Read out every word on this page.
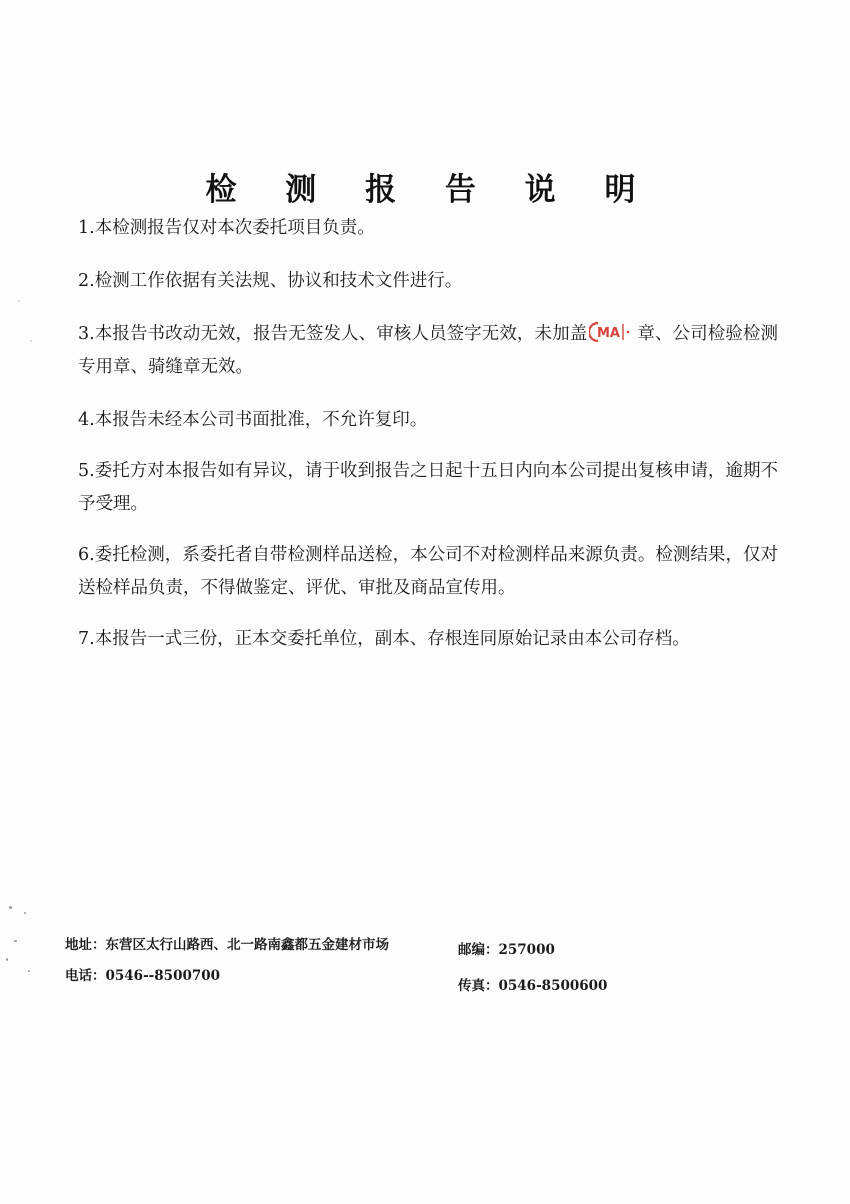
检 测 报 告 说 明
1.本检测报告仅对本次委托项目负责。
2.检测工作依据有关法规、协议和技术文件进行。
3.本报告书改动无效，报告无签发人、审核人员签字无效，未加盖 MA 章、公司检验检测专用章、骑缝章无效。
4.本报告未经本公司书面批准，不允许复印。
5.委托方对本报告如有异议，请于收到报告之日起十五日内向本公司提出复核申请，逾期不予受理。
6.委托检测，系委托者自带检测样品送检，本公司不对检测样品来源负责。检测结果，仅对送检样品负责，不得做鉴定、评优、审批及商品宣传用。
7.本报告一式三份，正本交委托单位，副本、存根连同原始记录由本公司存档。
地址：东营区太行山路西、北一路南鑫都五金建材市场	邮编：257000
电话：0546--8500700
传真：0546-8500600
